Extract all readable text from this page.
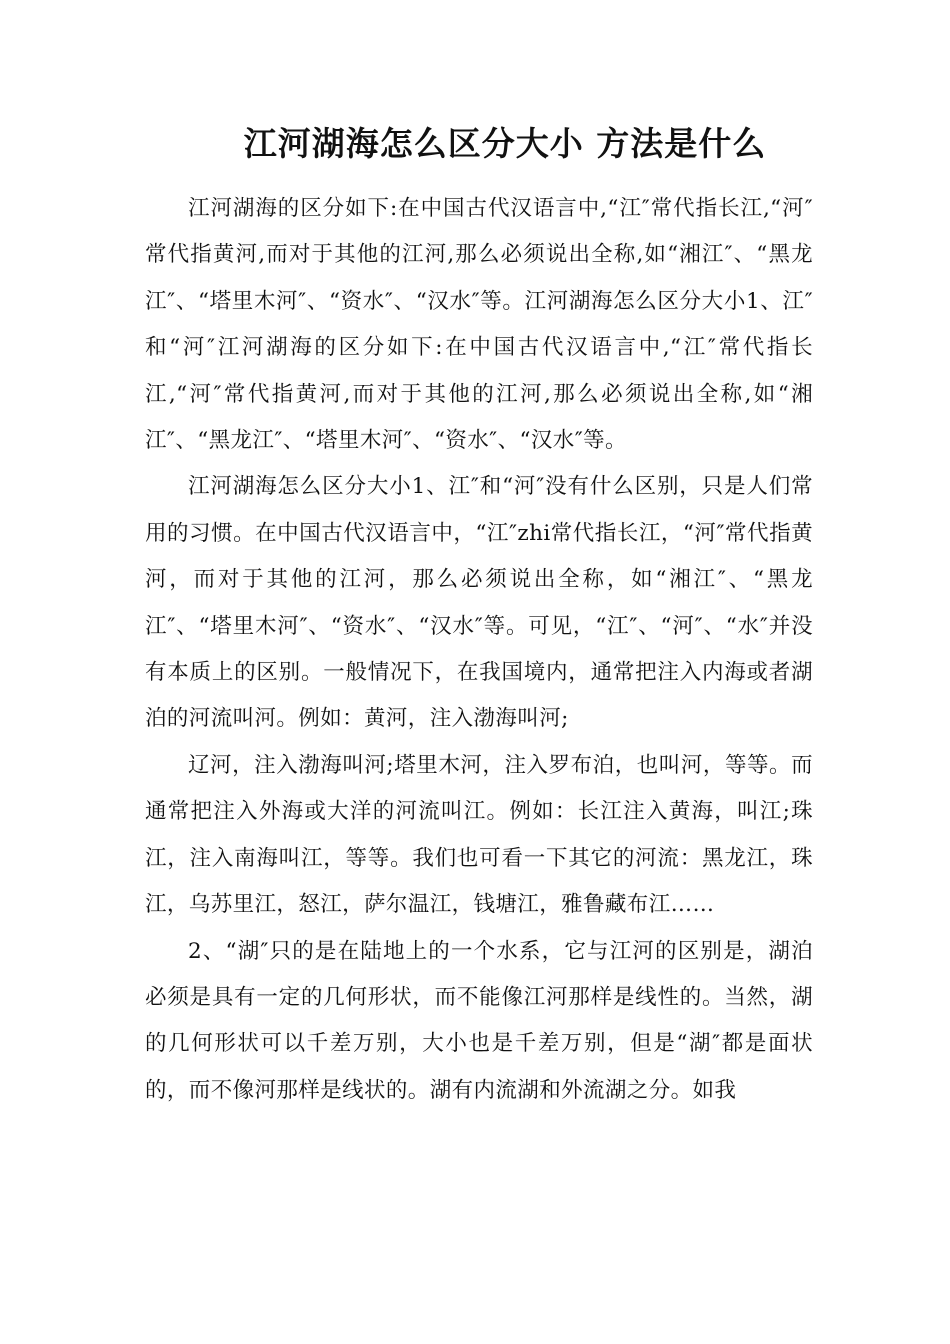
江河湖海怎么区分大小 方法是什么

江河湖海的区分如下:在中国古代汉语言中,“江″常代指长江,“河″常代指黄河,而对于其他的江河,那么必须说出全称,如“湘江″、“黑龙江″、“塔里木河″、“资水″、“汉水″等。江河湖海怎么区分大小1、江″和“河″江河湖海的区分如下:在中国古代汉语言中,“江″常代指长江,“河″常代指黄河,而对于其他的江河,那么必须说出全称,如“湘江″、“黑龙江″、“塔里木河″、“资水″、“汉水″等。

江河湖海怎么区分大小1、江″和“河″没有什么区别，只是人们常用的习惯。在中国古代汉语言中，“江″zhi常代指长江，“河″常代指黄河，而对于其他的江河，那么必须说出全称，如“湘江″、“黑龙江″、“塔里木河″、“资水″、“汉水″等。可见，“江″、“河″、“水″并没有本质上的区别。一般情况下，在我国境内，通常把注入内海或者湖泊的河流叫河。例如：黄河，注入渤海叫河;

辽河，注入渤海叫河;塔里木河，注入罗布泊，也叫河，等等。而通常把注入外海或大洋的河流叫江。例如：长江注入黄海，叫江;珠江，注入南海叫江，等等。我们也可看一下其它的河流：黑龙江，珠江，乌苏里江，怒江，萨尔温江，钱塘江，雅鲁藏布江……

2、“湖″只的是在陆地上的一个水系，它与江河的区别是，湖泊必须是具有一定的几何形状，而不能像江河那样是线性的。当然，湖的几何形状可以千差万别，大小也是千差万别，但是“湖″都是面状的，而不像河那样是线状的。湖有内流湖和外流湖之分。如我
